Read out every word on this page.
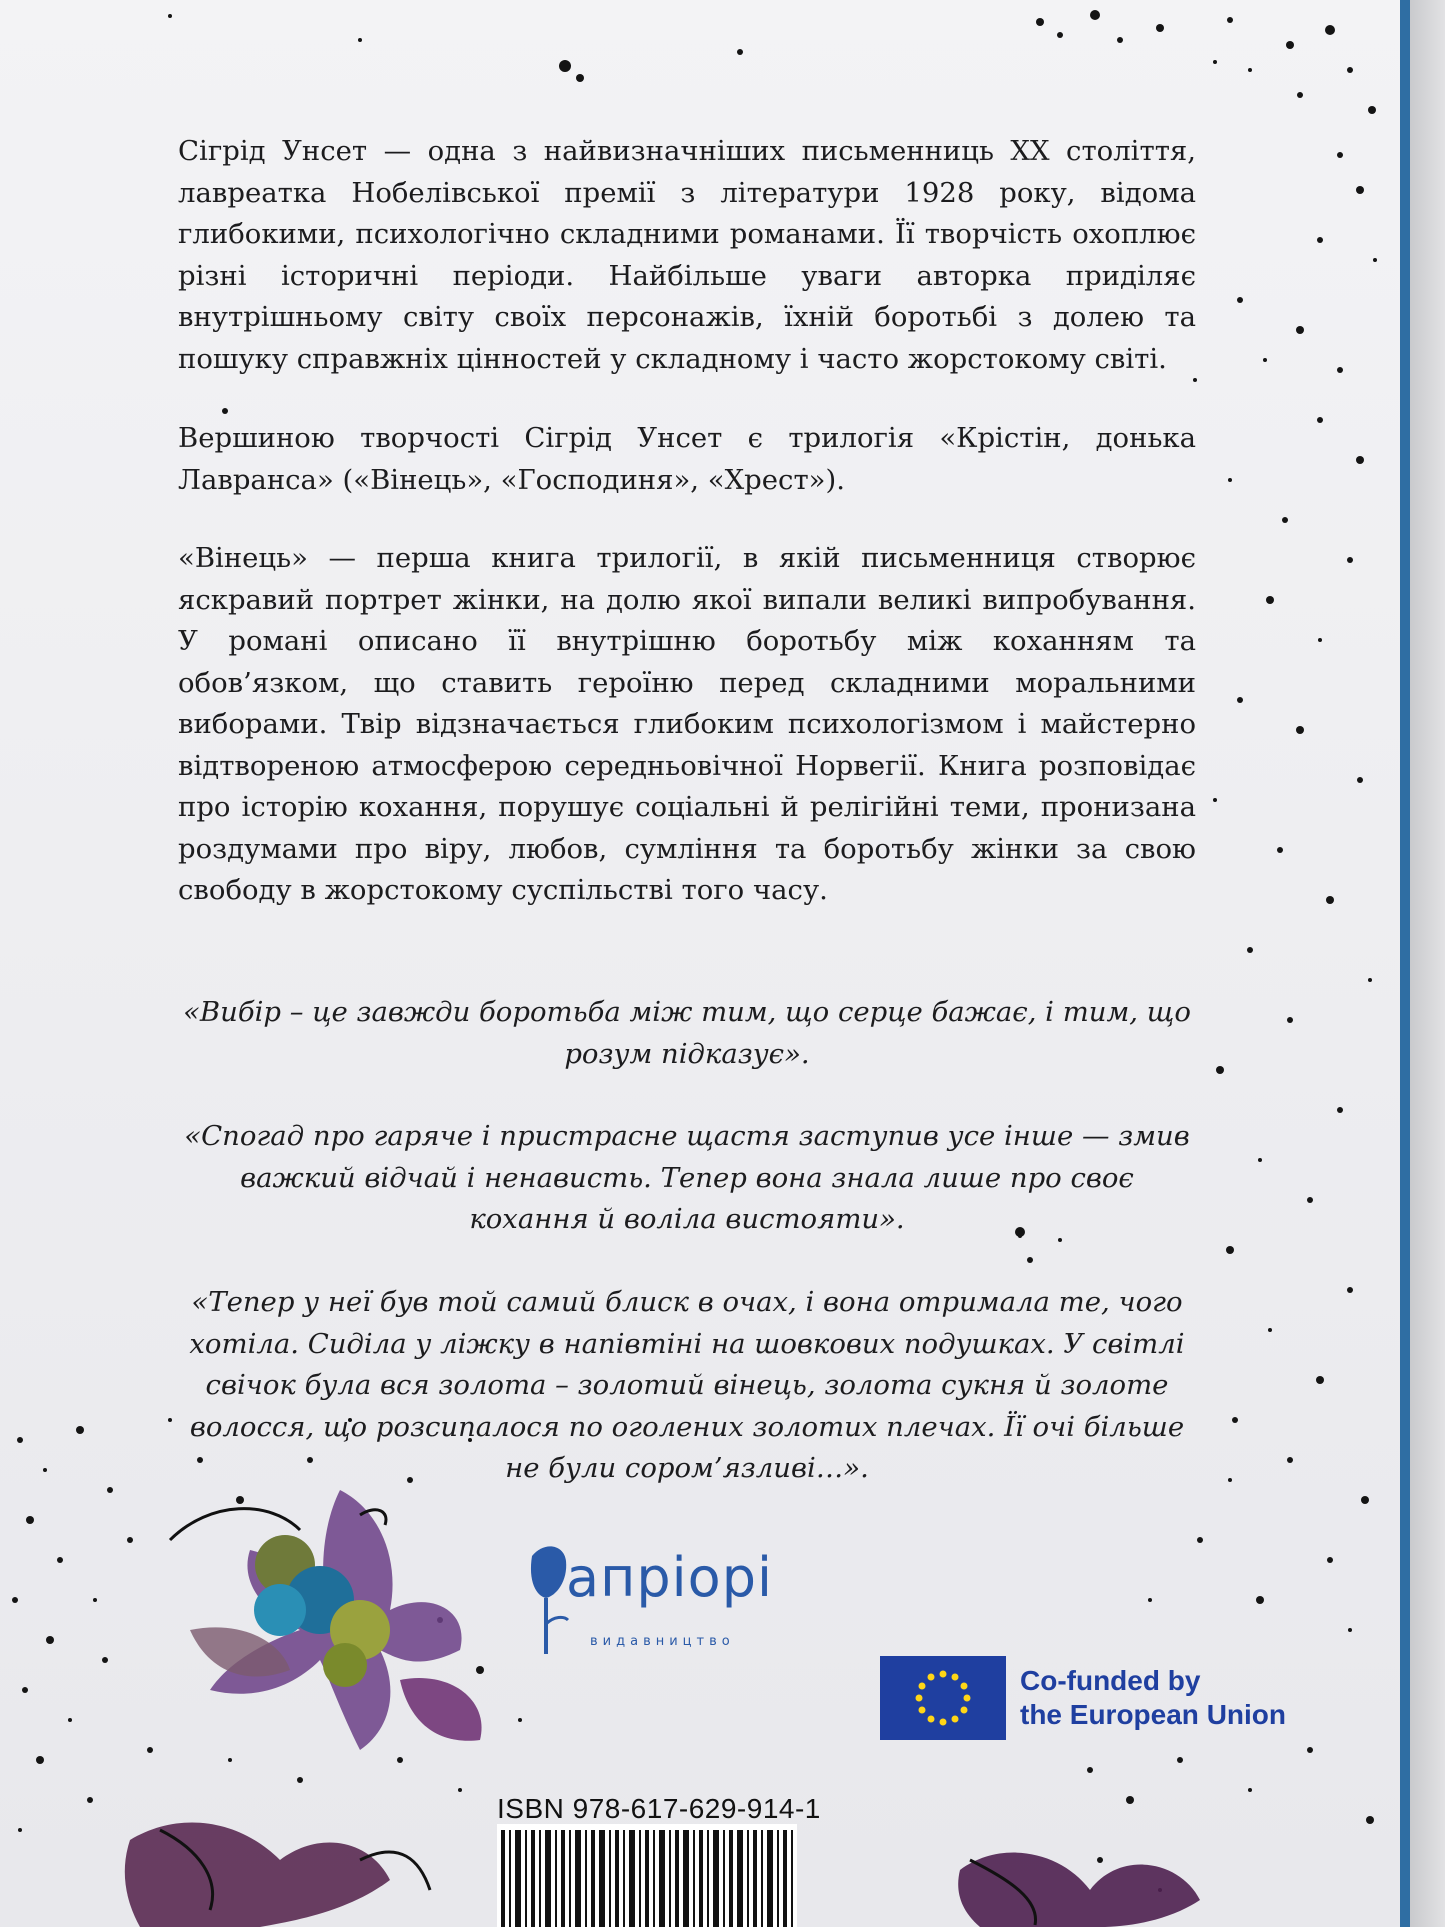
Сігрід Унсет — одна з найвизначніших письменниць XX століття, лавреатка Нобелівської премії з літератури 1928 року, відома глибокими, психологічно складними романами. Її творчість охоплює різні історичні періоди. Найбільше уваги авторка приділяє внутрішньому світу своїх персонажів, їхній боротьбі з долею та пошуку справжніх цінностей у складному і часто жорстокому світі.

Вершиною творчості Сігрід Унсет є трилогія «Крістін, донька Лавранса» («Вінець», «Господиня», «Хрест»).

«Вінець» — перша книга трилогії, в якій письменниця створює яскравий портрет жінки, на долю якої випали великі випробування. У романі описано її внутрішню боротьбу між коханням та обов’язком, що ставить героїню перед складними моральними виборами. Твір відзначається глибоким психологізмом і майстерно відтвореною атмосферою середньовічної Норвегії. Книга розповідає про історію кохання, порушує соціальні й релігійні теми, пронизана роздумами про віру, любов, сумління та боротьбу жінки за свою свободу в жорстокому суспільстві того часу.

«Вибір – це завжди боротьба між тим, що серце бажає, і тим, що розум підказує».
«Спогад про гаряче і пристрасне щастя заступив усе інше — змив важкий відчай і ненависть. Тепер вона знала лише про своє кохання й воліла вистояти».
«Тепер у неї був той самий блиск в очах, і вона отримала те, чого хотіла. Сиділа у ліжку в напівтіні на шовкових подушках. У світлі свічок була вся золота – золотий вінець, золота сукня й золоте волосся, що розсипалося по оголених золотих плечах. Її очі більше не були сором’язливі…».
апріорі
видавництво
Co-funded by
the European Union
ISBN 978-617-629-914-1
